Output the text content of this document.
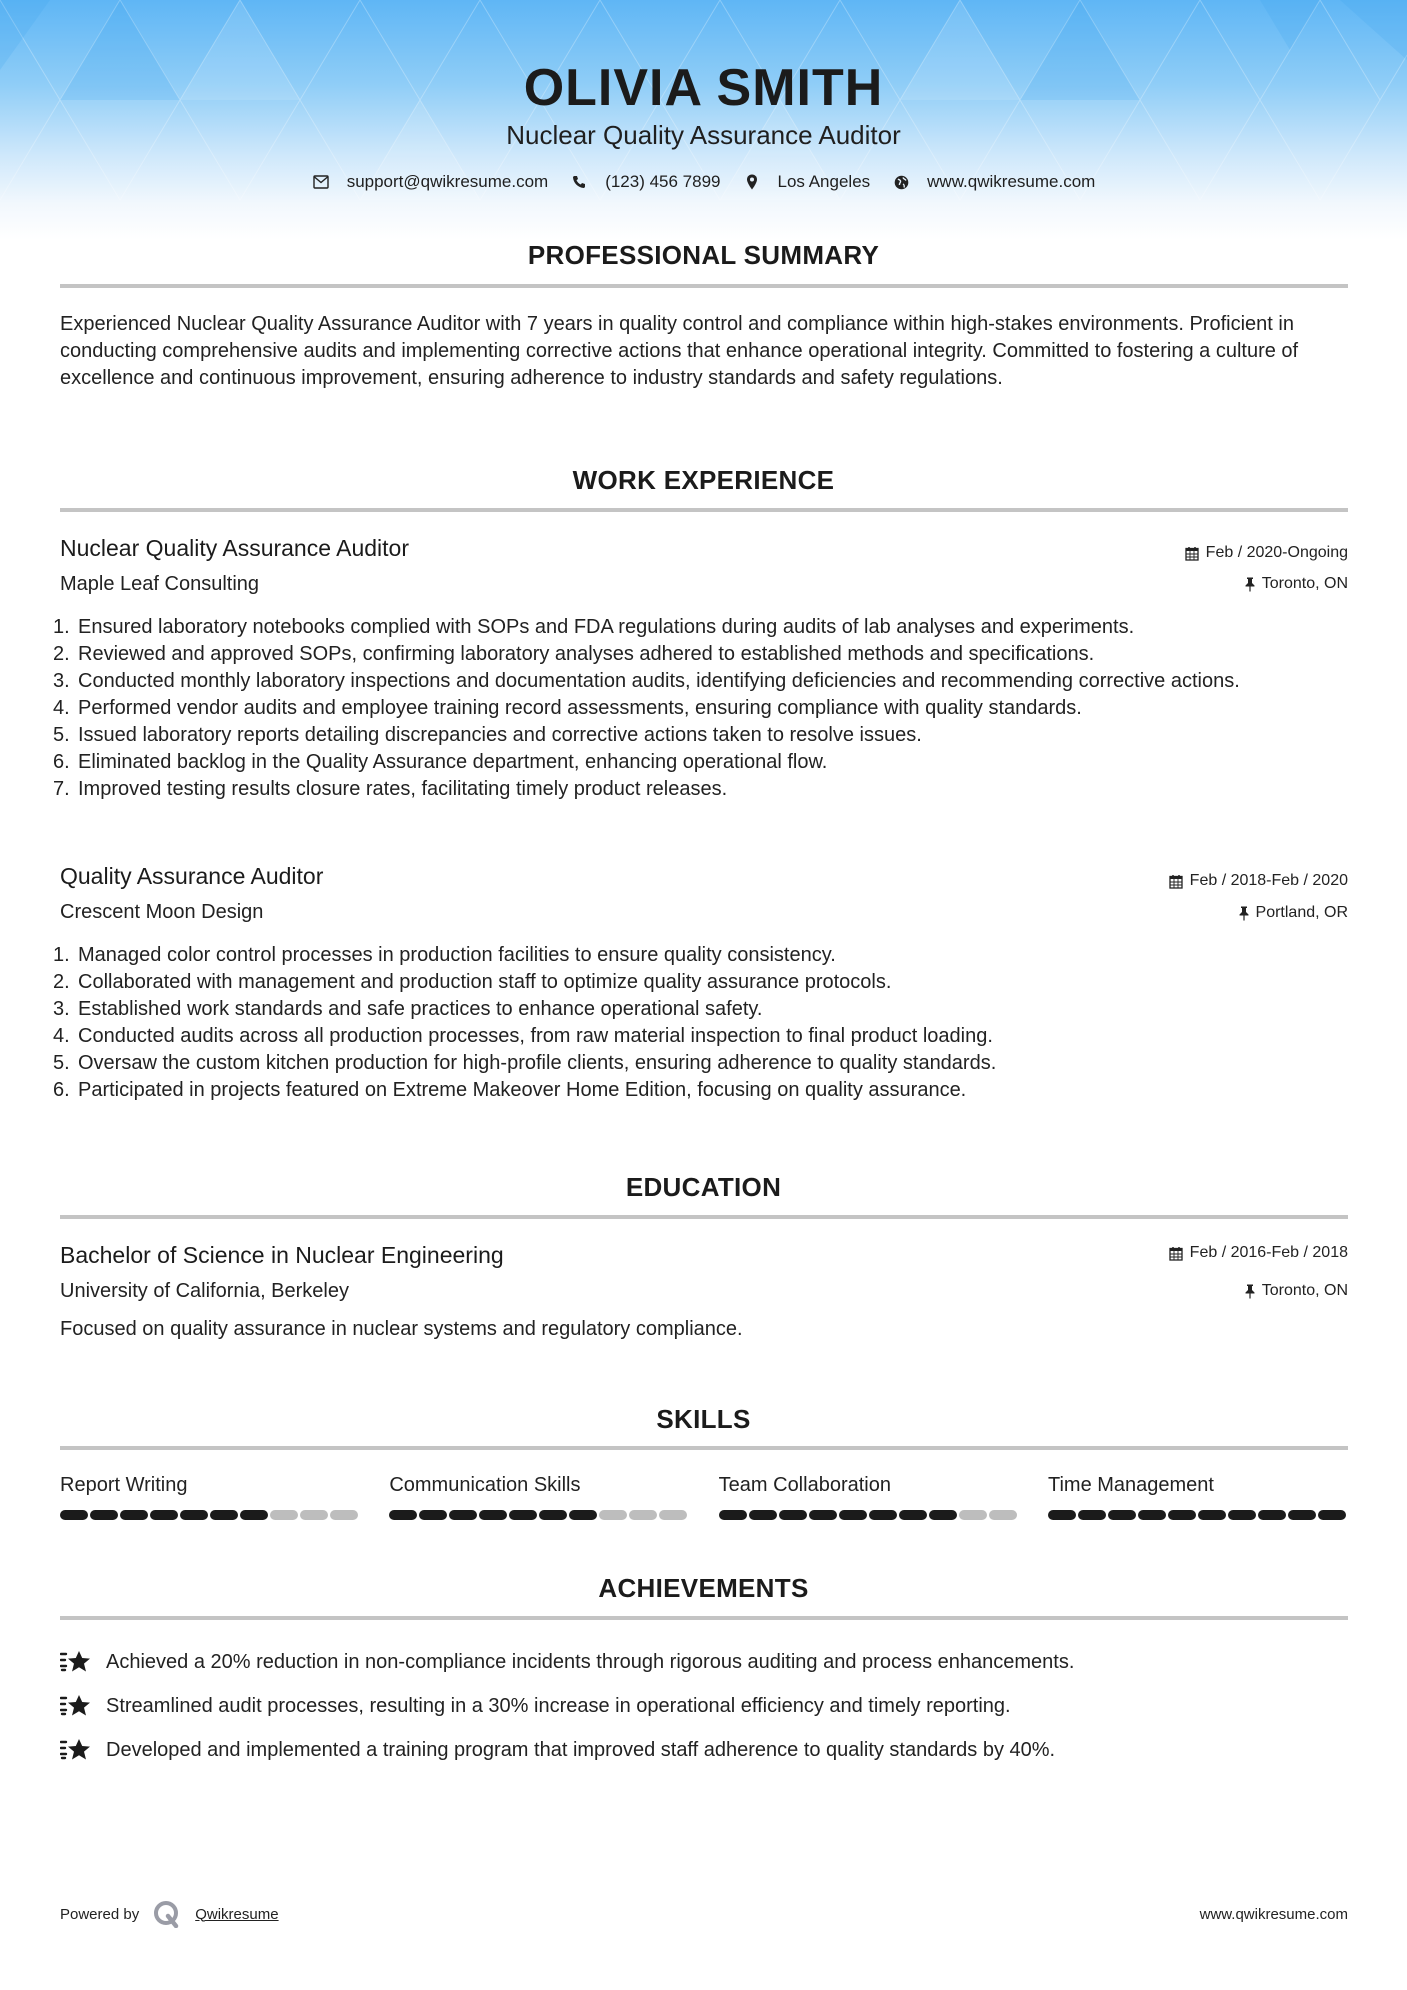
OLIVIA SMITH
Nuclear Quality Assurance Auditor
support@qwikresume.com	(123) 456 7899	Los Angeles	www.qwikresume.com
PROFESSIONAL SUMMARY
Experienced Nuclear Quality Assurance Auditor with 7 years in quality control and compliance within high-stakes environments. Proficient in conducting comprehensive audits and implementing corrective actions that enhance operational integrity. Committed to fostering a culture of excellence and continuous improvement, ensuring adherence to industry standards and safety regulations.
WORK EXPERIENCE
Nuclear Quality Assurance Auditor	Feb / 2020-Ongoing
Maple Leaf Consulting	Toronto, ON
1. Ensured laboratory notebooks complied with SOPs and FDA regulations during audits of lab analyses and experiments.
2. Reviewed and approved SOPs, confirming laboratory analyses adhered to established methods and specifications.
3. Conducted monthly laboratory inspections and documentation audits, identifying deficiencies and recommending corrective actions.
4. Performed vendor audits and employee training record assessments, ensuring compliance with quality standards.
5. Issued laboratory reports detailing discrepancies and corrective actions taken to resolve issues.
6. Eliminated backlog in the Quality Assurance department, enhancing operational flow.
7. Improved testing results closure rates, facilitating timely product releases.
Quality Assurance Auditor	Feb / 2018-Feb / 2020
Crescent Moon Design	Portland, OR
1. Managed color control processes in production facilities to ensure quality consistency.
2. Collaborated with management and production staff to optimize quality assurance protocols.
3. Established work standards and safe practices to enhance operational safety.
4. Conducted audits across all production processes, from raw material inspection to final product loading.
5. Oversaw the custom kitchen production for high-profile clients, ensuring adherence to quality standards.
6. Participated in projects featured on Extreme Makeover Home Edition, focusing on quality assurance.
EDUCATION
Bachelor of Science in Nuclear Engineering	Feb / 2016-Feb / 2018
University of California, Berkeley	Toronto, ON
Focused on quality assurance in nuclear systems and regulatory compliance.
SKILLS
Report Writing	Communication Skills	Team Collaboration	Time Management
ACHIEVEMENTS
Achieved a 20% reduction in non-compliance incidents through rigorous auditing and process enhancements.
Streamlined audit processes, resulting in a 30% increase in operational efficiency and timely reporting.
Developed and implemented a training program that improved staff adherence to quality standards by 40%.
Powered by	Qwikresume	www.qwikresume.com
